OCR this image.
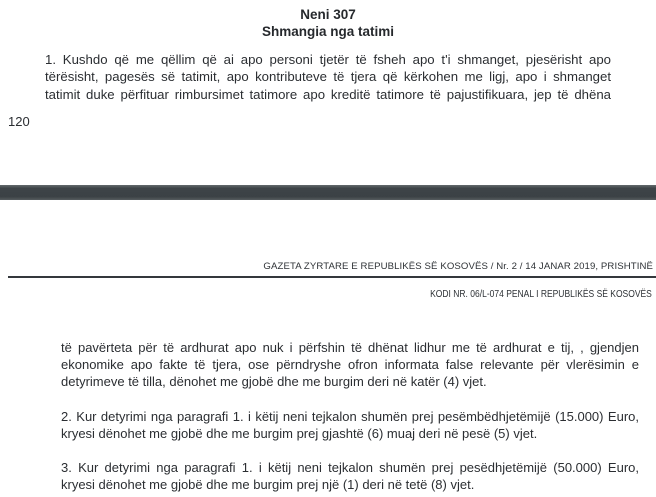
Neni 307
Shmangia nga tatimi
1. Kushdo që me qëllim që ai apo personi tjetër të fsheh apo t'i shmanget, pjesërisht apo tërësisht, pagesës së tatimit, apo kontributeve të tjera që kërkohen me ligj, apo i shmanget tatimit duke përfituar rimbursimet tatimore apo kreditë tatimore të pajustifikuara, jep të dhëna
120
GAZETA ZYRTARE E REPUBLIKËS SË KOSOVËS / Nr. 2 / 14 JANAR 2019, PRISHTINË
KODI NR. 06/L-074 PENAL I REPUBLIKËS SË KOSOVËS

të pavërteta për të ardhurat apo nuk i përfshin të dhënat lidhur me të ardhurat e tij, , gjendjen ekonomike apo fakte të tjera, ose përndryshe ofron informata false relevante për vlerësimin e detyrimeve të tilla, dënohet me gjobë dhe me burgim deri në katër (4) vjet.

2. Kur detyrimi nga paragrafi 1. i këtij neni tejkalon shumën prej pesëmbëdhjetëmijë (15.000) Euro, kryesi dënohet me gjobë dhe me burgim prej gjashtë (6) muaj deri në pesë (5) vjet.

3. Kur detyrimi nga paragrafi 1. i këtij neni tejkalon shumën prej pesëdhjetëmijë (50.000) Euro, kryesi dënohet me gjobë dhe me burgim prej një (1) deri në tetë (8) vjet.
